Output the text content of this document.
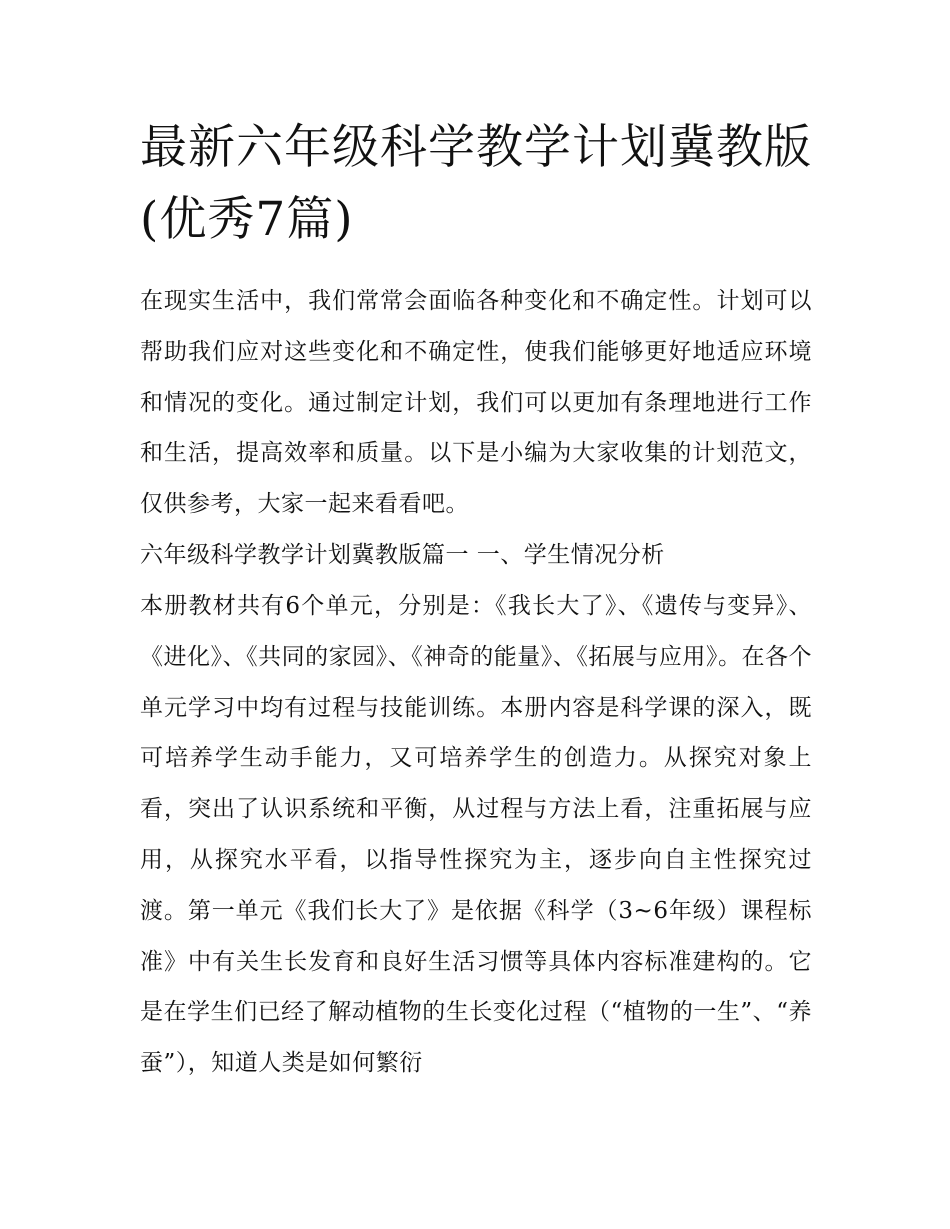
最新六年级科学教学计划冀教版(优秀7篇)

在现实生活中，我们常常会面临各种变化和不确定性。计划可以帮助我们应对这些变化和不确定性，使我们能够更好地适应环境和情况的变化。通过制定计划，我们可以更加有条理地进行工作和生活，提高效率和质量。以下是小编为大家收集的计划范文，仅供参考，大家一起来看看吧。

六年级科学教学计划冀教版篇一 一、学生情况分析

本册教材共有6个单元，分别是：《我长大了》、《遗传与变异》、《进化》、《共同的家园》、《神奇的能量》、《拓展与应用》。在各个单元学习中均有过程与技能训练。本册内容是科学课的深入，既可培养学生动手能力，又可培养学生的创造力。从探究对象上看，突出了认识系统和平衡，从过程与方法上看，注重拓展与应用，从探究水平看，以指导性探究为主，逐步向自主性探究过渡。第一单元《我们长大了》是依据《科学（3~6年级）课程标准》中有关生长发育和良好生活习惯等具体内容标准建构的。它是在学生们已经了解动植物的生长变化过程（“植物的一生”、“养蚕”），知道人类是如何繁衍
